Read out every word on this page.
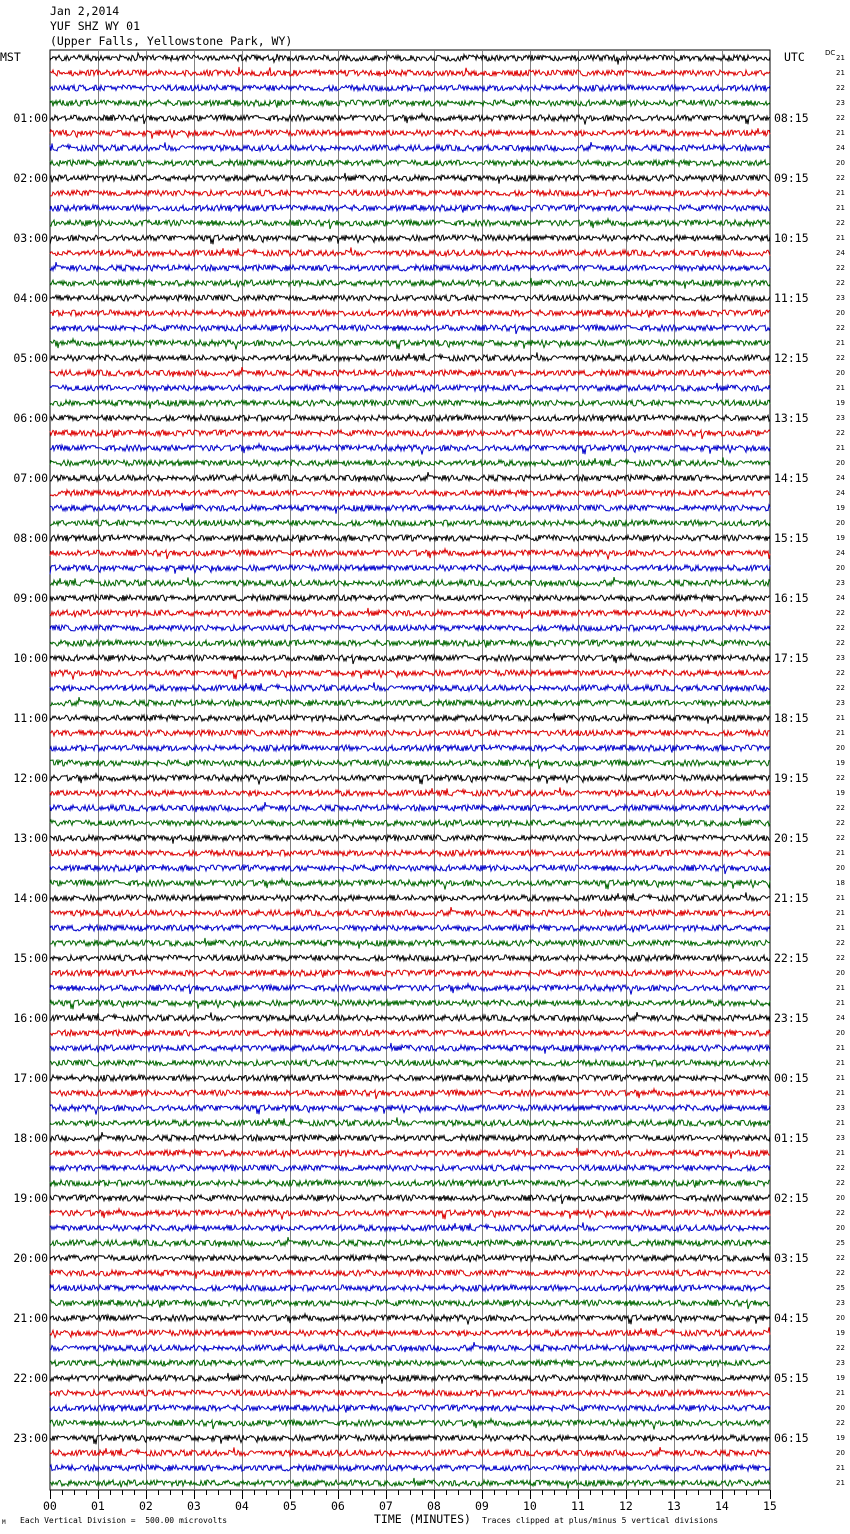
Jan 2,2014
YUF SHZ WY 01
(Upper Falls, Yellowstone Park, WY)
MST	UTC	DC
00	01	02	03	04	05	06	07	08	09	10	11	12	13	14	15
01:00
02:00
03:00
04:00
05:00
06:00
07:00
08:00
09:00
10:00
11:00
12:00
13:00
14:00
15:00
16:00
17:00
18:00
19:00
20:00
21:00
22:00
23:00
08:15
09:15
10:15
11:15
12:15
13:15
14:15
15:15
16:15
17:15
18:15
19:15
20:15
21:15
22:15
23:15
00:15
01:15
02:15
03:15
04:15
05:15
06:15
21
21
22
23
22
21
24
20
22
21
21
22
21
24
22
22
23
20
22
21
22
20
21
19
23
22
21
20
24
24
19
20
19
24
20
23
24
22
22
22
23
22
22
23
21
21
20
19
22
19
22
22
22
21
20
18
21
21
21
22
22
20
21
21
24
20
21
21
21
21
23
21
23
21
22
22
20
22
20
25
22
22
25
23
20
19
22
23
19
21
20
22
19
20
21
21
M Each Vertical Division =  500.00 microvolts	TIME (MINUTES) Traces clipped at plus/minus 5 vertical divisions
